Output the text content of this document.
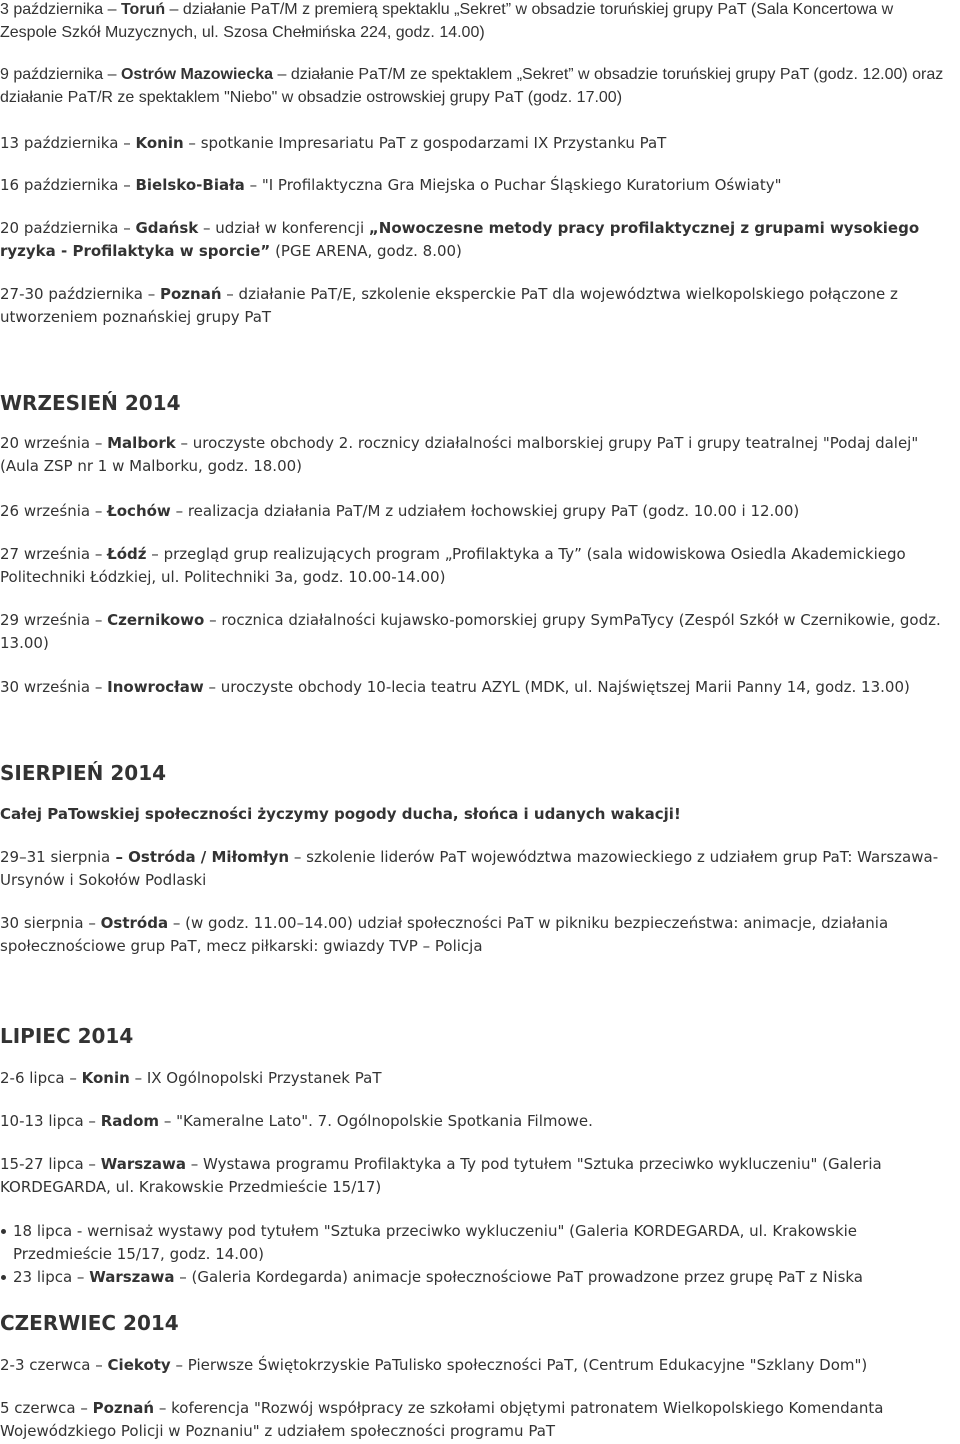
3 października – Toruń – działanie PaT/M z premierą spektaklu „Sekret” w obsadzie toruńskiej grupy PaT (Sala Koncertowa w Zespole Szkół Muzycznych, ul. Szosa Chełmińska 224, godz. 14.00)

9 października – Ostrów Mazowiecka – działanie PaT/M ze spektaklem „Sekret” w obsadzie toruńskiej grupy PaT (godz. 12.00) oraz działanie PaT/R ze spektaklem "Niebo" w obsadzie ostrowskiej grupy PaT (godz. 17.00)

13 października – Konin – spotkanie Impresariatu PaT z gospodarzami IX Przystanku PaT

16 października – Bielsko-Biała – "I Profilaktyczna Gra Miejska o Puchar Śląskiego Kuratorium Oświaty"

20 października – Gdańsk – udział w konferencji „Nowoczesne metody pracy profilaktycznej z grupami wysokiego ryzyka - Profilaktyka w sporcie” (PGE ARENA, godz. 8.00)

27-30 października – Poznań – działanie PaT/E, szkolenie eksperckie PaT dla województwa wielkopolskiego połączone z utworzeniem poznańskiej grupy PaT

WRZESIEŃ 2014

20 września – Malbork – uroczyste obchody 2. rocznicy działalności malborskiej grupy PaT i grupy teatralnej "Podaj dalej" (Aula ZSP nr 1 w Malborku, godz. 18.00)

26 września – Łochów – realizacja działania PaT/M z udziałem łochowskiej grupy PaT (godz. 10.00 i 12.00)

27 września – Łódź – przegląd grup realizujących program „Profilaktyka a Ty” (sala widowiskowa Osiedla Akademickiego Politechniki Łódzkiej, ul. Politechniki 3a, godz. 10.00-14.00)

29 września – Czernikowo – rocznica działalności kujawsko-pomorskiej grupy SymPaTycy (Zespól Szkół w Czernikowie, godz. 13.00)

30 września – Inowrocław – uroczyste obchody 10-lecia teatru AZYL (MDK, ul. Najświętszej Marii Panny 14, godz. 13.00)

SIERPIEŃ 2014

Całej PaTowskiej społeczności życzymy pogody ducha, słońca i udanych wakacji!

29–31 sierpnia – Ostróda / Miłomłyn – szkolenie liderów PaT województwa mazowieckiego z udziałem grup PaT: Warszawa-Ursynów i Sokołów Podlaski

30 sierpnia – Ostróda – (w godz. 11.00–14.00) udział społeczności PaT w pikniku bezpieczeństwa: animacje, działania społecznościowe grup PaT, mecz piłkarski: gwiazdy TVP – Policja

LIPIEC 2014

2-6 lipca – Konin – IX Ogólnopolski Przystanek PaT

10-13 lipca – Radom – "Kameralne Lato". 7. Ogólnopolskie Spotkania Filmowe.

15-27 lipca – Warszawa – Wystawa programu Profilaktyka a Ty pod tytułem "Sztuka przeciwko wykluczeniu" (Galeria KORDEGARDA, ul. Krakowskie Przedmieście 15/17)

18 lipca - wernisaż wystawy pod tytułem "Sztuka przeciwko wykluczeniu" (Galeria KORDEGARDA, ul. Krakowskie Przedmieście 15/17, godz. 14.00)
23 lipca – Warszawa – (Galeria Kordegarda) animacje społecznościowe PaT prowadzone przez grupę PaT z Niska
CZERWIEC 2014

2-3 czerwca – Ciekoty – Pierwsze Świętokrzyskie PaTulisko społeczności PaT, (Centrum Edukacyjne "Szklany Dom")

5 czerwca – Poznań – koferencja "Rozwój współpracy ze szkołami objętymi patronatem Wielkopolskiego Komendanta Wojewódzkiego Policji w Poznaniu" z udziałem społeczności programu PaT
